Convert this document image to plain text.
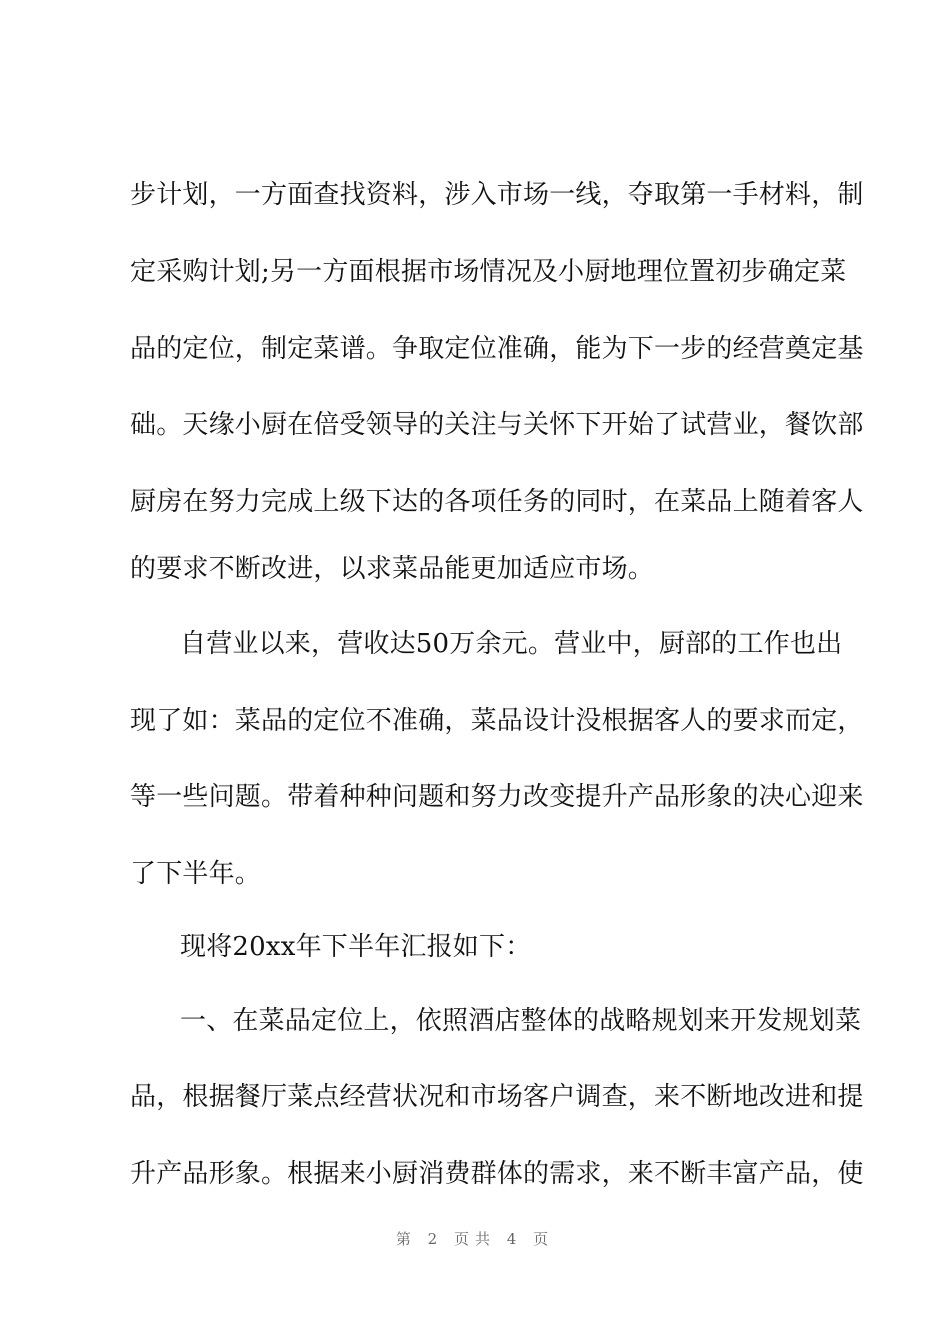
步计划，一方面查找资料，涉入市场一线，夺取第一手材料，制
定采购计划;另一方面根据市场情况及小厨地理位置初步确定菜
品的定位，制定菜谱。争取定位准确，能为下一步的经营奠定基
础。天缘小厨在倍受领导的关注与关怀下开始了试营业，餐饮部
厨房在努力完成上级下达的各项任务的同时，在菜品上随着客人
的要求不断改进，以求菜品能更加适应市场。
自营业以来，营收达50万余元。营业中，厨部的工作也出
现了如：菜品的定位不准确，菜品设计没根据客人的要求而定，
等一些问题。带着种种问题和努力改变提升产品形象的决心迎来
了下半年。
现将20xx年下半年汇报如下：
一、在菜品定位上，依照酒店整体的战略规划来开发规划菜
品，根据餐厅菜点经营状况和市场客户调查，来不断地改进和提
升产品形象。根据来小厨消费群体的需求，来不断丰富产品，使
第 2 页共 4 页
